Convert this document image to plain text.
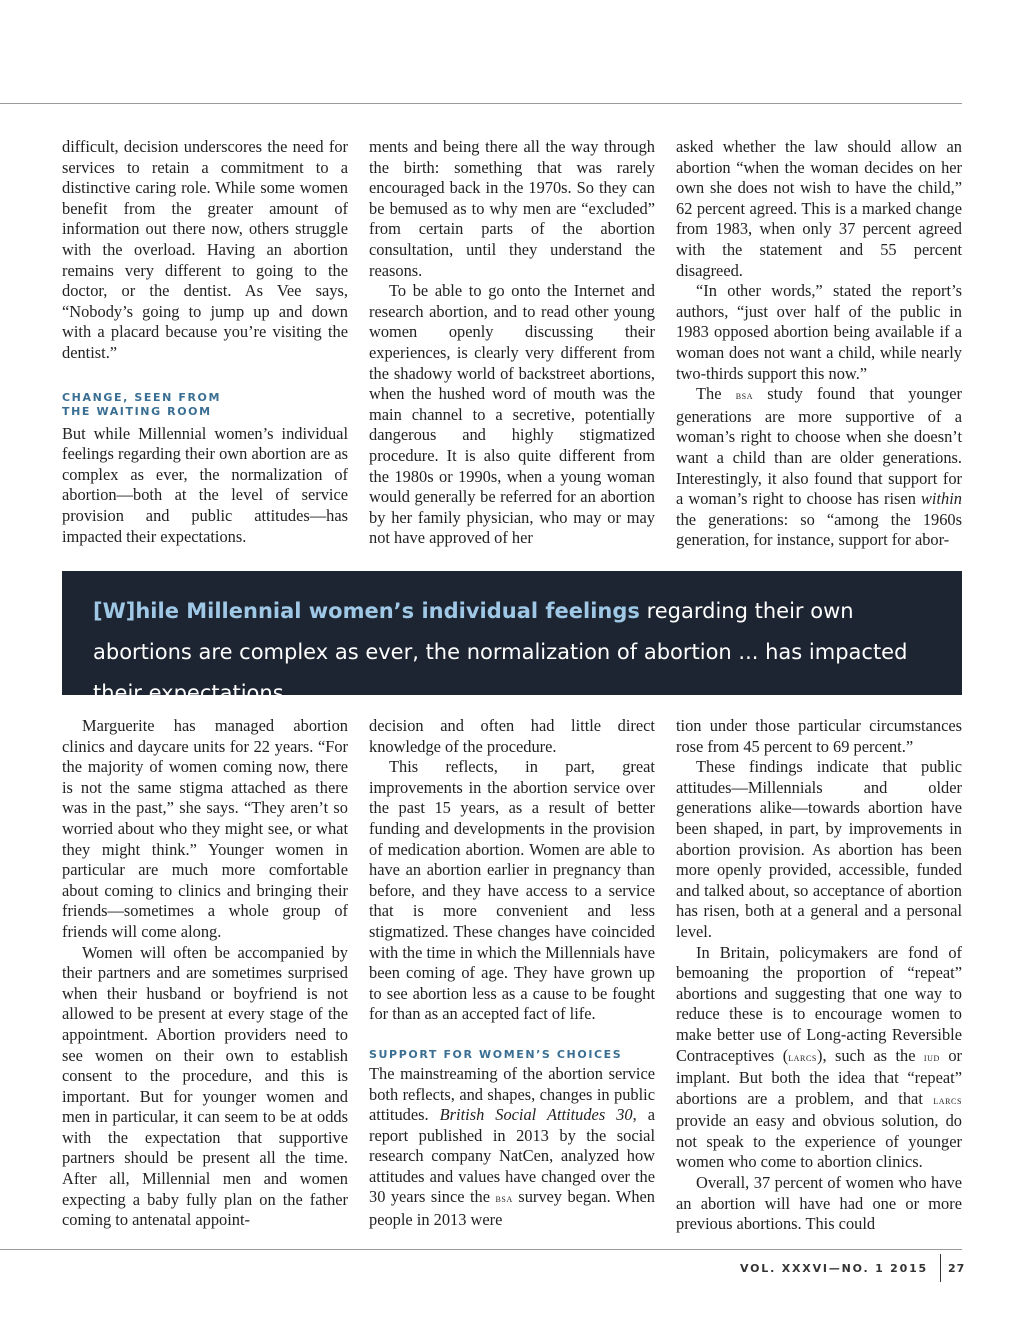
difficult, decision underscores the need for services to retain a commitment to a distinctive caring role. While some women benefit from the greater amount of information out there now, others struggle with the overload. Having an abortion remains very different to going to the doctor, or the dentist. As Vee says, “Nobody’s going to jump up and down with a placard because you’re visiting the dentist.”

CHANGE, SEEN FROM THE WAITING ROOM

But while Millennial women’s individual feelings regarding their own abortion are as complex as ever, the normalization of abortion—both at the level of service provision and public attitudes—has impacted their expectations.

ments and being there all the way through the birth: something that was rarely encouraged back in the 1970s. So they can be bemused as to why men are “excluded” from certain parts of the abortion consultation, until they understand the reasons.

To be able to go onto the Internet and research abortion, and to read other young women openly discussing their experiences, is clearly very different from the shadowy world of backstreet abortions, when the hushed word of mouth was the main channel to a secretive, potentially dangerous and highly stigmatized procedure. It is also quite different from the 1980s or 1990s, when a young woman would generally be referred for an abortion by her family physician, who may or may not have approved of her

asked whether the law should allow an abortion “when the woman decides on her own she does not wish to have the child,” 62 percent agreed. This is a marked change from 1983, when only 37 percent agreed with the statement and 55 percent disagreed.

“In other words,” stated the report’s authors, “just over half of the public in 1983 opposed abortion being available if a woman does not want a child, while nearly two-thirds support this now.”

The bsa study found that younger generations are more supportive of a woman’s right to choose when she doesn’t want a child than are older generations. Interestingly, it also found that support for a woman’s right to choose has risen within the generations: so “among the 1960s generation, for instance, support for abor-

[W]hile Millennial women’s individual feelings regarding their own abortions are complex as ever, the normalization of abortion ... has impacted their expectations.

Marguerite has managed abortion clinics and daycare units for 22 years. “For the majority of women coming now, there is not the same stigma attached as there was in the past,” she says. “They aren’t so worried about who they might see, or what they might think.” Younger women in particular are much more comfortable about coming to clinics and bringing their friends—sometimes a whole group of friends will come along.

Women will often be accompanied by their partners and are sometimes surprised when their husband or boyfriend is not allowed to be present at every stage of the appointment. Abortion providers need to see women on their own to establish consent to the procedure, and this is important. But for younger women and men in particular, it can seem to be at odds with the expectation that supportive partners should be present all the time. After all, Millennial men and women expecting a baby fully plan on the father coming to antenatal appoint-

decision and often had little direct knowledge of the procedure.

This reflects, in part, great improvements in the abortion service over the past 15 years, as a result of better funding and developments in the provision of medication abortion. Women are able to have an abortion earlier in pregnancy than before, and they have access to a service that is more convenient and less stigmatized. These changes have coincided with the time in which the Millennials have been coming of age. They have grown up to see abortion less as a cause to be fought for than as an accepted fact of life.

SUPPORT FOR WOMEN’S CHOICES

The mainstreaming of the abortion service both reflects, and shapes, changes in public attitudes. British Social Attitudes 30, a report published in 2013 by the social research company NatCen, analyzed how attitudes and values have changed over the 30 years since the bsa survey began. When people in 2013 were

tion under those particular circumstances rose from 45 percent to 69 percent.”

These findings indicate that public attitudes—Millennials and older generations alike—towards abortion have been shaped, in part, by improvements in abortion provision. As abortion has been more openly provided, accessible, funded and talked about, so acceptance of abortion has risen, both at a general and a personal level.

In Britain, policymakers are fond of bemoaning the proportion of “repeat” abortions and suggesting that one way to reduce these is to encourage women to make better use of Long-acting Reversible Contraceptives (larcs), such as the iud or implant. But both the idea that “repeat” abortions are a problem, and that larcs provide an easy and obvious solution, do not speak to the experience of younger women who come to abortion clinics.

Overall, 37 percent of women who have an abortion will have had one or more previous abortions. This could

VOL. XXXVI—NO. 1 2015 27
